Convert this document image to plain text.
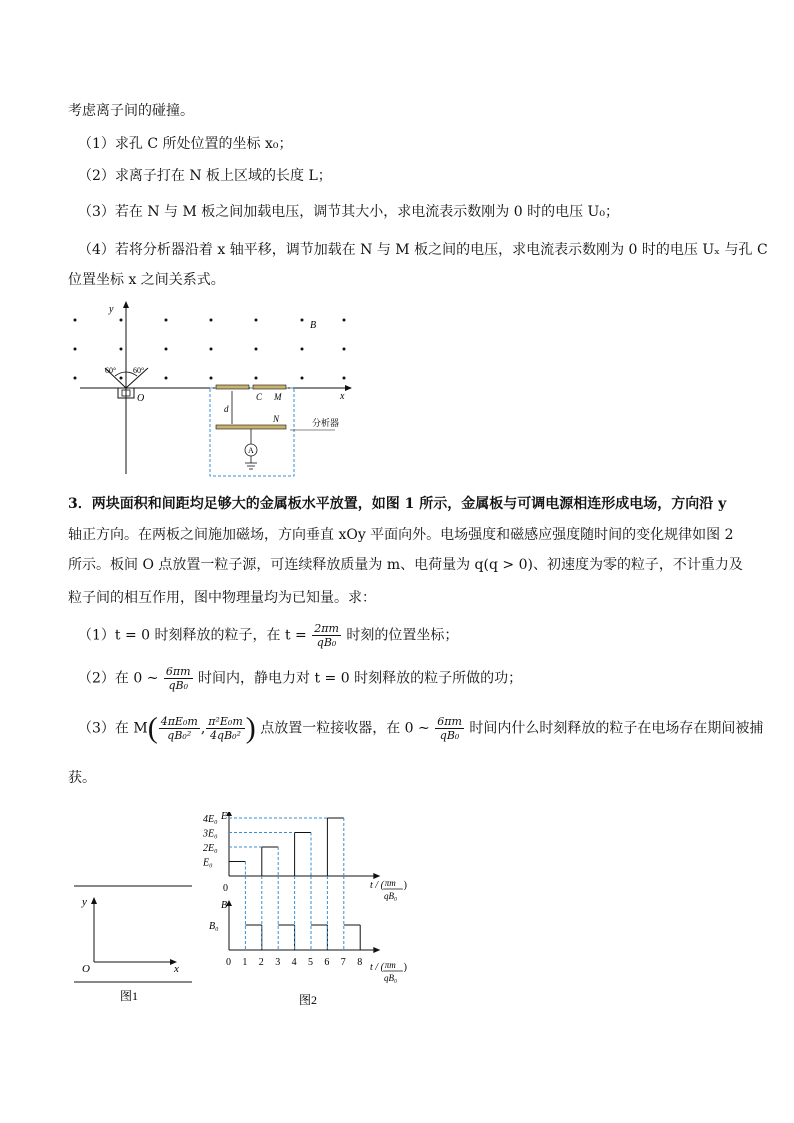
考虑离子间的碰撞。
（1）求孔 C 所处位置的坐标 x₀；
（2）求离子打在 N 板上区域的长度 L；
（3）若在 N 与 M 板之间加载电压，调节其大小，求电流表示数刚为 0 时的电压 U₀；
（4）若将分析器沿着 x 轴平移，调节加载在 N 与 M 板之间的电压，求电流表示数刚为 0 时的电压 Uₓ 与孔 C
位置坐标 x 之间关系式。
y
x
B
O
60° 60°
C M
N
d
A
分析器
3．两块面积和间距均足够大的金属板水平放置，如图 1 所示，金属板与可调电源相连形成电场，方向沿 y
轴正方向。在两板之间施加磁场，方向垂直 xOy 平面向外。电场强度和磁感应强度随时间的变化规律如图 2
所示。板间 O 点放置一粒子源，可连续释放质量为 m、电荷量为 q(q > 0)、初速度为零的粒子，不计重力及
粒子间的相互作用，图中物理量均为已知量。求：
（1）t = 0 时刻释放的粒子，在 $t = \frac{2\pi m}{\text{qB₀}}$ 时刻的位置坐标；
（2）在 0 ~ $\frac{6\pi m}{\text{qB₀}}$ 时间内，静电力对 t = 0 时刻释放的粒子所做的功；
（3）在 $M( \frac{\text{4πE₀m}}{\text{qB₀²}}$ , $\frac{\text{π²E₀m}}{\text{4qB₀²}}$ ) 点放置一粒接收器，在 0 ~ $\frac{6\pi m}{\text{qB₀}}$ 时间内什么时刻释放的粒子在电场存在期间被捕
获。
y
O	x
图1
E
0
E₀
2E₀
3E₀
4E₀
t / ( πm
qB₀
)
B
B₀
0 1 2 3 4 5 6 7 8 t / ( πm
qB₀
)
图2
